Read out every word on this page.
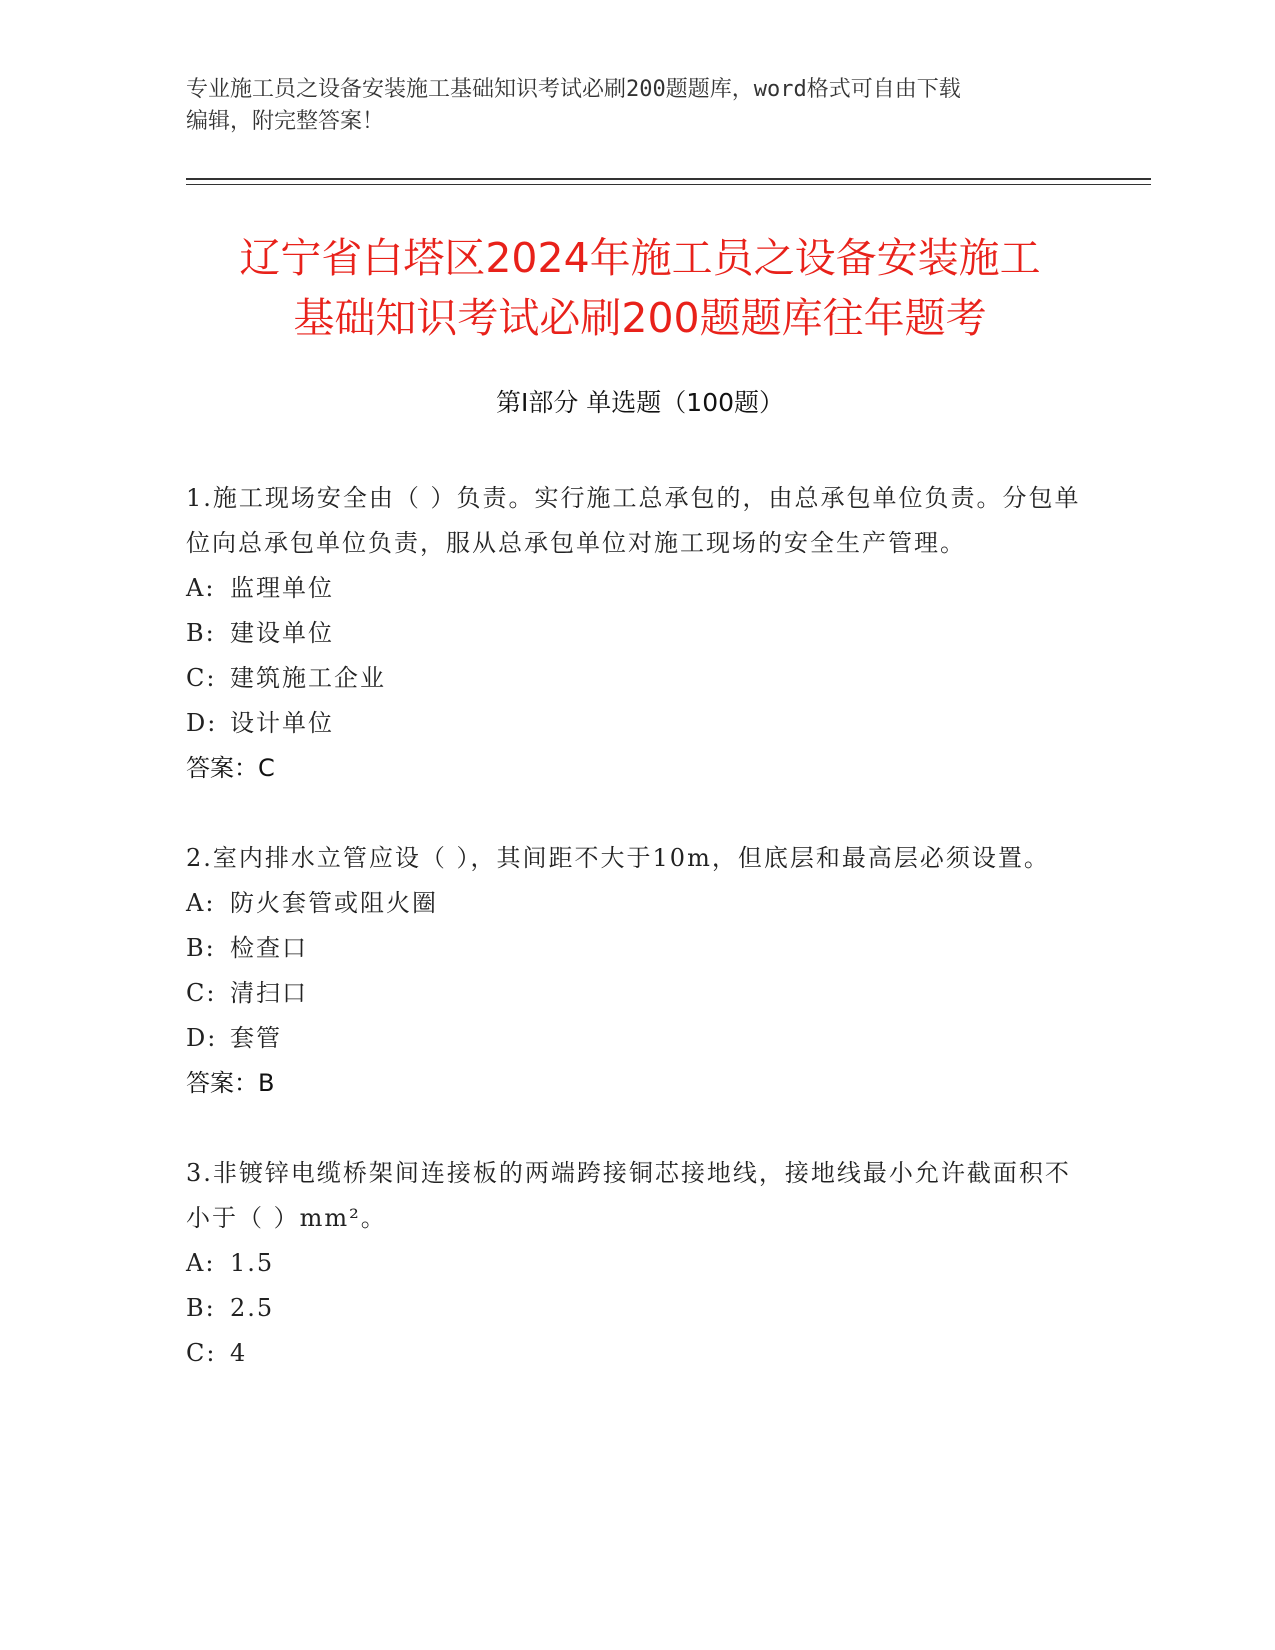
专业施工员之设备安装施工基础知识考试必刷200题题库，word格式可自由下载
编辑，附完整答案！
辽宁省白塔区2024年施工员之设备安装施工
基础知识考试必刷200题题库往年题考
第Ⅰ部分 单选题（100题）

1.施工现场安全由（ ）负责。实行施工总承包的，由总承包单位负责。分包单位向总承包单位负责，服从总承包单位对施工现场的安全生产管理。

A: 监理单位
B: 建设单位
C: 建筑施工企业
D: 设计单位
答案：C

2.室内排水立管应设（ ），其间距不大于10m，但底层和最高层必须设置。

A: 防火套管或阻火圈
B: 检查口
C: 清扫口
D: 套管
答案：B

3.非镀锌电缆桥架间连接板的两端跨接铜芯接地线，接地线最小允许截面积不小于（ ）mm²。

A: 1.5
B: 2.5
C: 4
